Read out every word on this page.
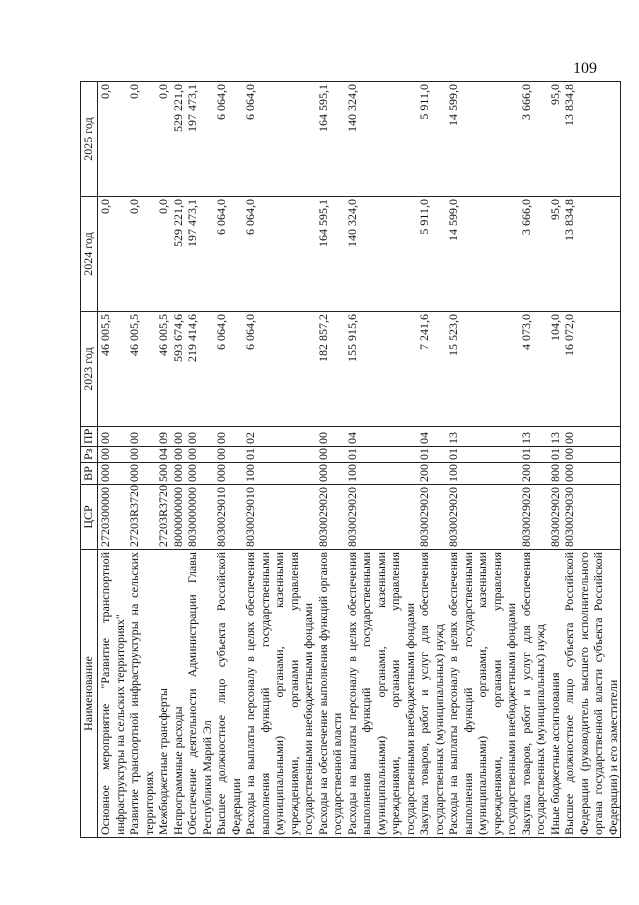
109
Наименование	ЦСР	ВР	Рз	ПР	2023 год	2024 год	2025 год
Основное мероприятие "Развитие транспортной инфраструктуры на сельских территориях"	2720300000	000	00	00	46 005,5	0,0	0,0
Развитие транспортной инфраструктуры на сельских территориях	27203R3720	000	00	00	46 005,5	0,0	0,0
Межбюджетные трансферты	27203R3720	500	04	09	46 005,5	0,0	0,0
Непрограммные расходы	8000000000	000	00	00	593 674,6	529 221,0	529 221,0
Обеспечение деятельности Администрации Главы Республики Марий Эл	8030000000	000	00	00	219 414,6	197 473,1	197 473,1
Высшее должностное лицо субъекта Российской Федерации	8030029010	000	00	00	6 064,0	6 064,0	6 064,0
Расходы на выплаты персоналу в целях обеспечения выполнения функций государственными (муниципальными) органами, казенными учреждениями, органами управления государственными внебюджетными фондами	8030029010	100	01	02	6 064,0	6 064,0	6 064,0
Расходы на обеспечение выполнения функций органов государственной власти	8030029020	000	00	00	182 857,2	164 595,1	164 595,1
Расходы на выплаты персоналу в целях обеспечения выполнения функций государственными (муниципальными) органами, казенными учреждениями, органами управления государственными внебюджетными фондами	8030029020	100	01	04	155 915,6	140 324,0	140 324,0
Закупка товаров, работ и услуг для обеспечения государственных (муниципальных) нужд	8030029020	200	01	04	7 241,6	5 911,0	5 911,0
Расходы на выплаты персоналу в целях обеспечения выполнения функций государственными (муниципальными) органами, казенными учреждениями, органами управления государственными внебюджетными фондами	8030029020	100	01	13	15 523,0	14 599,0	14 599,0
Закупка товаров, работ и услуг для обеспечения государственных (муниципальных) нужд	8030029020	200	01	13	4 073,0	3 666,0	3 666,0
Иные бюджетные ассигнования	8030029020	800	01	13	104,0	95,0	95,0
Высшее должностное лицо субъекта Российской Федерации (руководитель высшего исполнительного органа государственной власти субъекта Российской Федерации) и его заместители	8030029030	000	00	00	16 072,0	13 834,8	13 834,8
